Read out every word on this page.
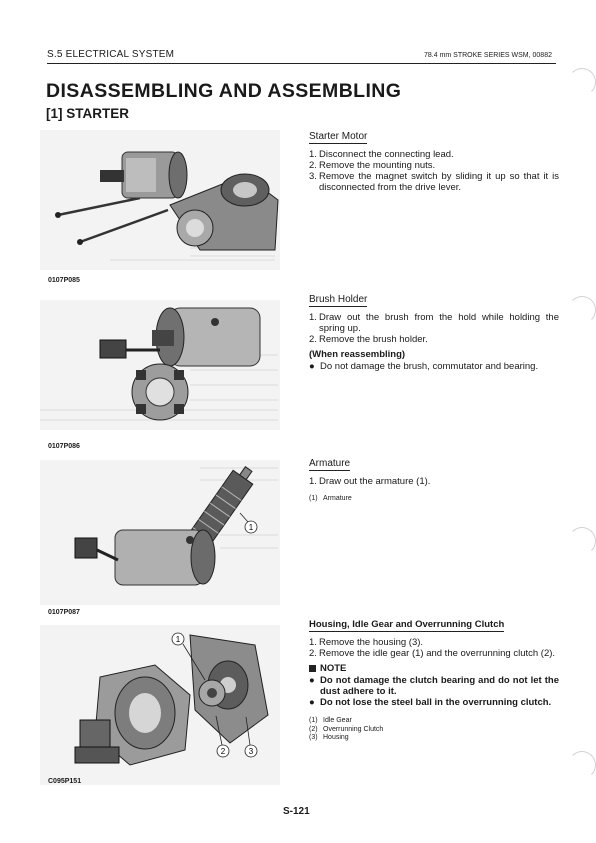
S.5 ELECTRICAL SYSTEM	78.4 mm STROKE SERIES WSM, 00882
DISASSEMBLING AND ASSEMBLING
[1] STARTER
0107P085
0107P086
1
0107P087
1
2	3
C095P151
Starter Motor
1. Disconnect the connecting lead.
2. Remove the mounting nuts.
3. Remove the magnet switch by sliding it up so that it is disconnected from the drive lever.
Brush Holder
1. Draw out the brush from the hold while holding the spring up.
2. Remove the brush holder.
(When reassembling)
● Do not damage the brush, commutator and bearing.
Armature
1. Draw out the armature (1).
(1) Armature
Housing, Idle Gear and Overrunning Clutch
1. Remove the housing (3).
2. Remove the idle gear (1) and the overrunning clutch (2).
NOTE
● Do not damage the clutch bearing and do not let the dust adhere to it.
● Do not lose the steel ball in the overrunning clutch.
(1) Idle Gear
(2) Overrunning Clutch
(3) Housing
S-121
